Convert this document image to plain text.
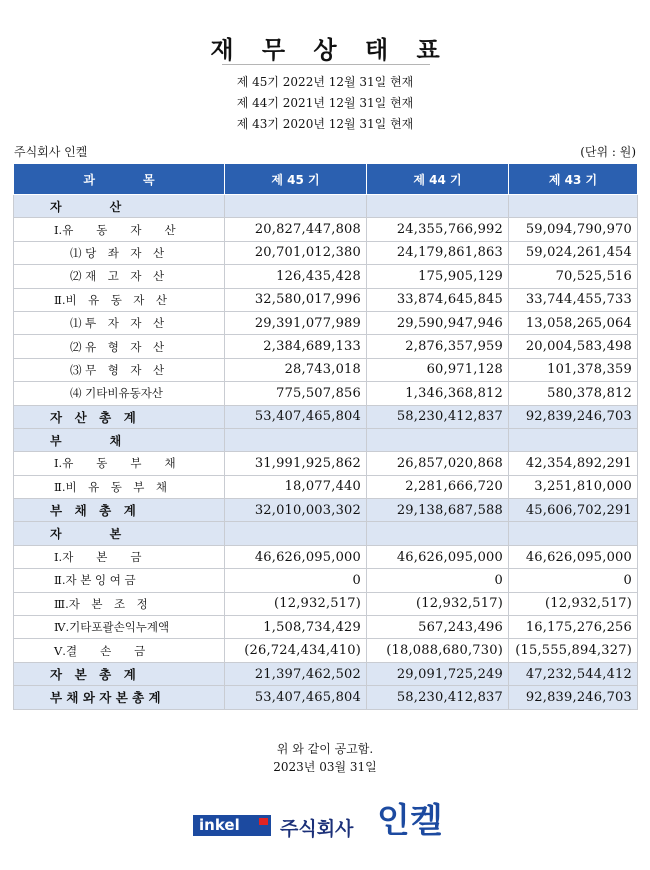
재 무 상 태 표
제 45기 2022년 12월 31일 현재
제 44기 2021년 12월 31일 현재
제 43기 2020년 12월 31일 현재
주식회사 인켈	(단위 : 원)
과　　　　목	제 45 기	제 44 기	제 43 기
자　　　　산			
Ⅰ.유　　동　　자　　산	20,827,447,808	24,355,766,992	59,094,790,970
⑴ 당　좌　자　산	20,701,012,380	24,179,861,863	59,024,261,454
⑵ 재　고　자　산	126,435,428	175,905,129	70,525,516
Ⅱ.비　유　동　자　산	32,580,017,996	33,874,645,845	33,744,455,733
⑴ 투　자　자　산	29,391,077,989	29,590,947,946	13,058,265,064
⑵ 유　형　자　산	2,384,689,133	2,876,357,959	20,004,583,498
⑶ 무　형　자　산	28,743,018	60,971,128	101,378,359
⑷ 기타비유동자산	775,507,856	1,346,368,812	580,378,812
자　산　총　계	53,407,465,804	58,230,412,837	92,839,246,703
부　　　　채			
Ⅰ.유　　동　　부　　채	31,991,925,862	26,857,020,868	42,354,892,291
Ⅱ.비　유　동　부　채	18,077,440	2,281,666,720	3,251,810,000
부　채　총　계	32,010,003,302	29,138,687,588	45,606,702,291
자　　　　본			
Ⅰ.자　　본　　금	46,626,095,000	46,626,095,000	46,626,095,000
Ⅱ.자 본 잉 여 금	0	0	0
Ⅲ.자　본　조　정	(12,932,517)	(12,932,517)	(12,932,517)
Ⅳ.기타포괄손익누계액	1,508,734,429	567,243,496	16,175,276,256
Ⅴ.결　　손　　금	(26,724,434,410)	(18,088,680,730)	(15,555,894,327)
자　본　총　계	21,397,462,502	29,091,725,249	47,232,544,412
부 채 와 자 본 총 계	53,407,465,804	58,230,412,837	92,839,246,703
위 와 같이 공고함.
2023년 03월 31일
inkel 주식회사 인켈
